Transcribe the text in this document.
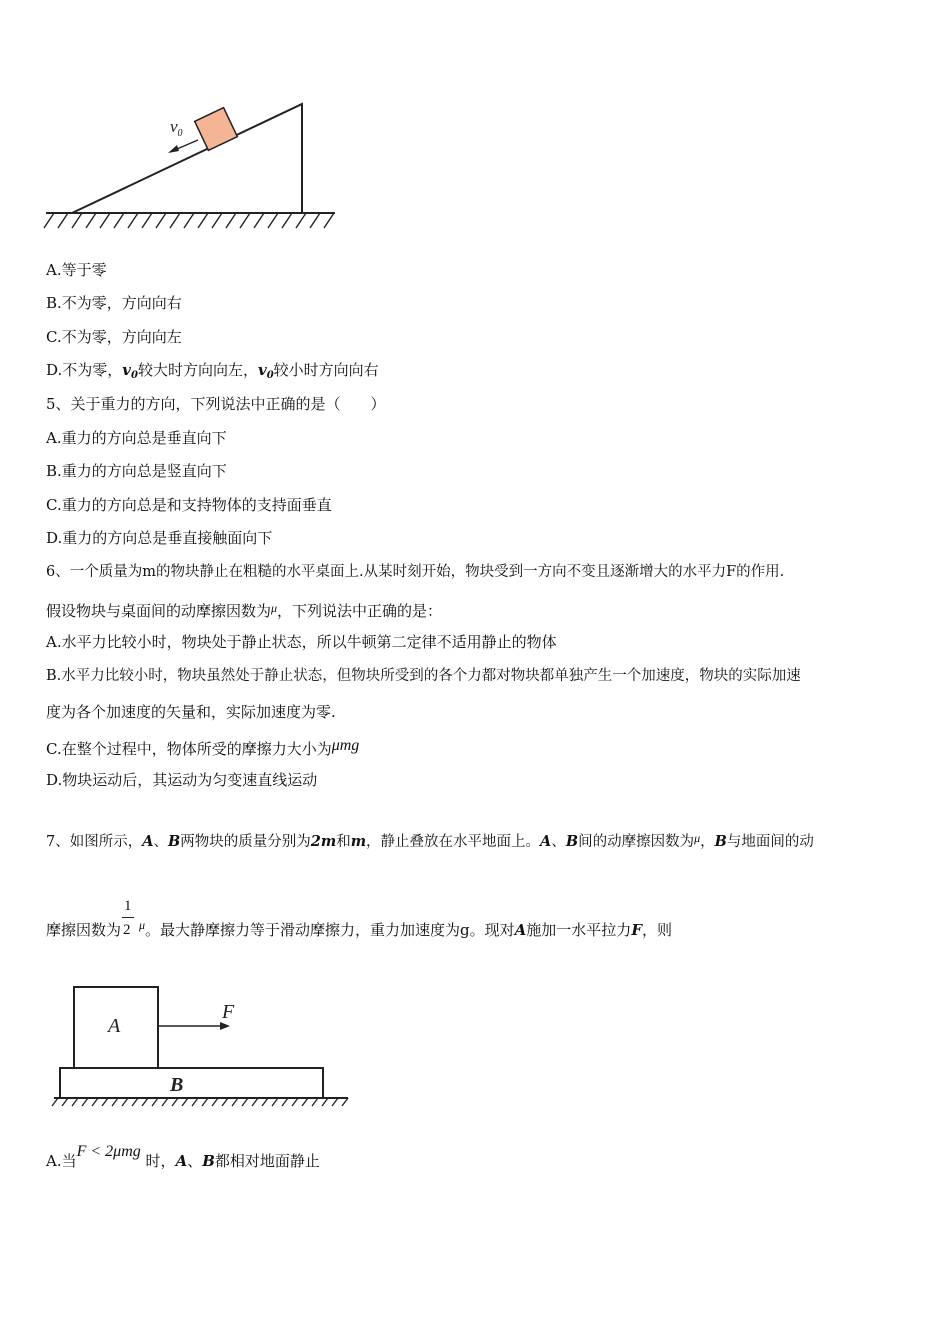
$v_0$
A.等于零
B.不为零，方向向右
C.不为零，方向向左
D.不为零，$v_0$较大时方向向左，$v_0$较小时方向向右
5、关于重力的方向，下列说法中正确的是（　　）
A.重力的方向总是垂直向下
B.重力的方向总是竖直向下
C.重力的方向总是和支持物体的支持面垂直
D.重力的方向总是垂直接触面向下
6、一个质量为m的物块静止在粗糙的水平桌面上.从某时刻开始，物块受到一方向不变且逐渐增大的水平力F的作用.
假设物块与桌面间的动摩擦因数为$^\mu$，下列说法中正确的是：
A.水平力比较小时，物块处于静止状态，所以牛顿第二定律不适用静止的物体
B.水平力比较小时，物块虽然处于静止状态，但物块所受到的各个力都对物块都单独产生一个加速度，物块的实际加速
度为各个加速度的矢量和，实际加速度为零.
C.在整个过程中，物体所受的摩擦力大小为μmg
D.物块运动后，其运动为匀变速直线运动
7、如图所示，A、B两物块的质量分别为2m和m，静止叠放在水平地面上。A、B间的动摩擦因数为$^\mu$，B与地面间的动
摩擦因数为 $\frac{1}{2} ^\mu$。最大静摩擦力等于滑动摩擦力，重力加速度为g。现对A施加一水平拉力F，则
A
B
F
A.当F < 2μmg 时，A、B都相对地面静止
